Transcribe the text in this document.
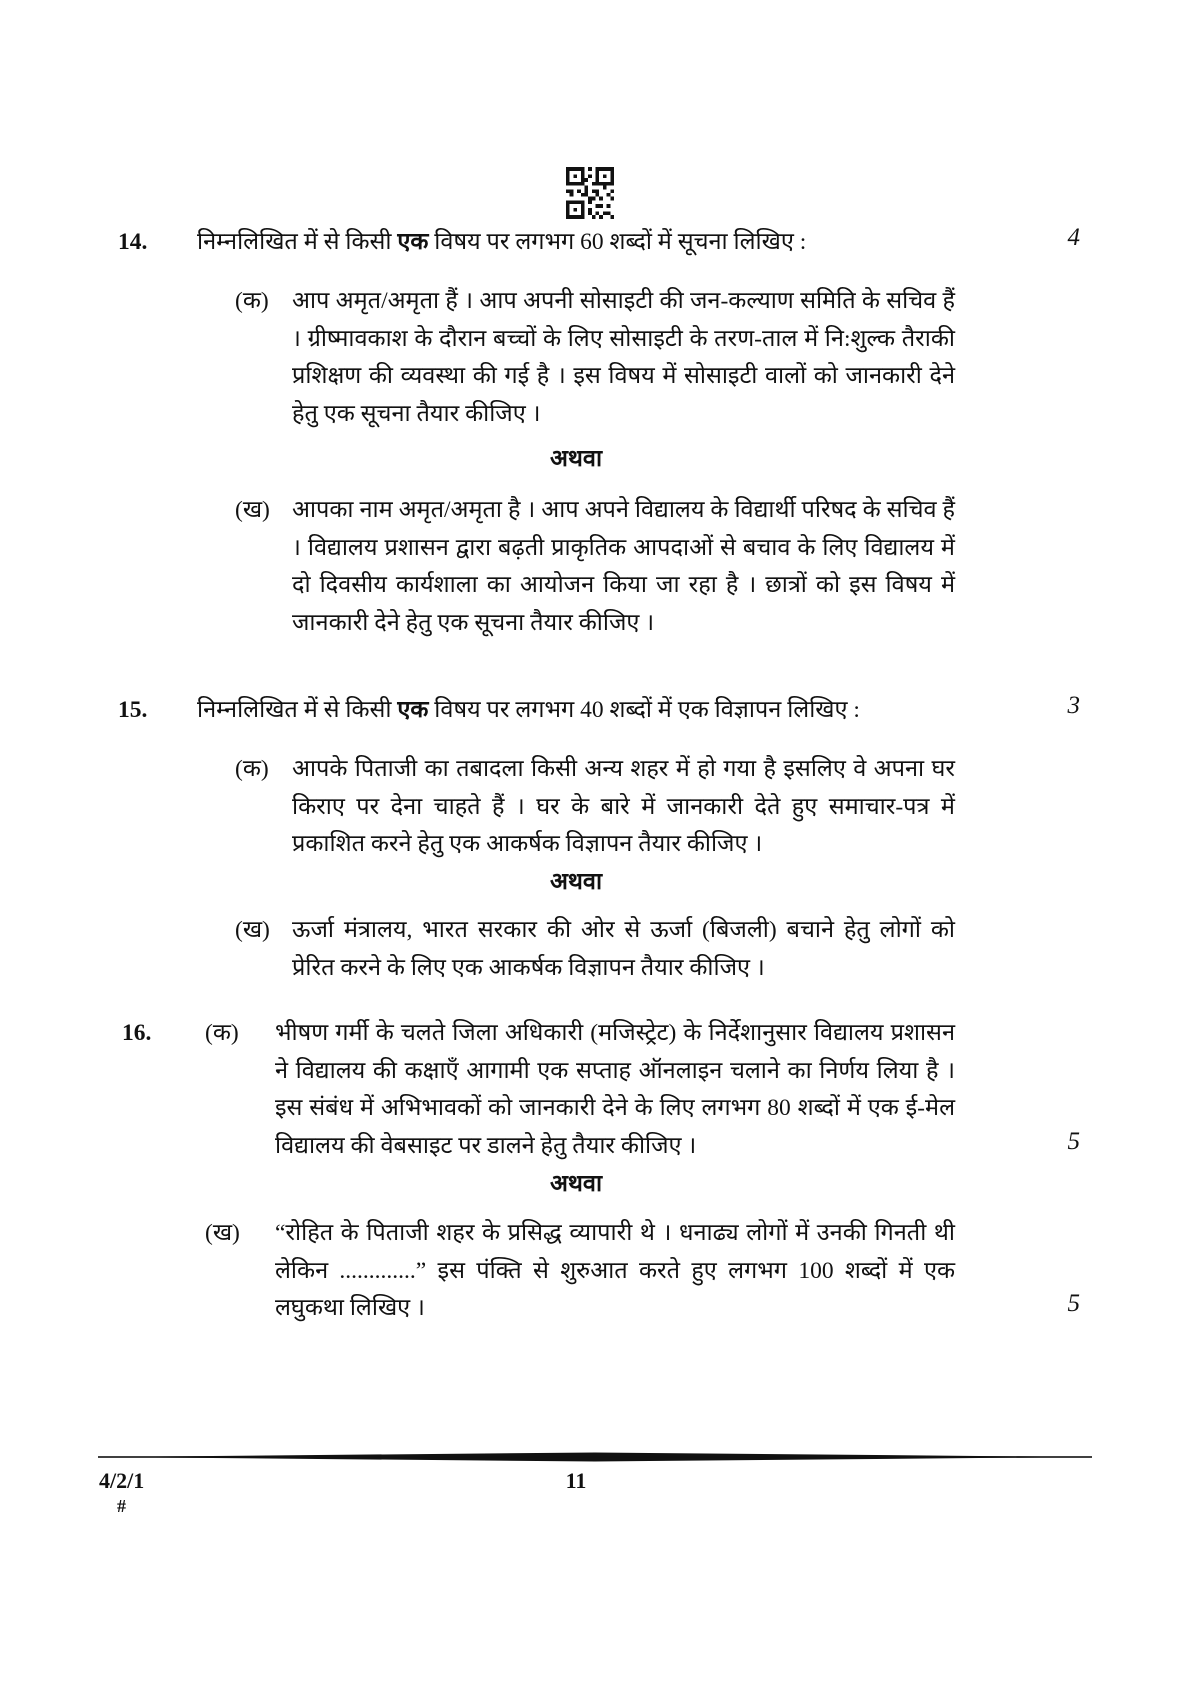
14. निम्नलिखित में से किसी एक विषय पर लगभग 60 शब्दों में सूचना लिखिए :	4
(क) आप अमृत/अमृता हैं । आप अपनी सोसाइटी की जन-कल्याण समिति के सचिव हैं । ग्रीष्मावकाश के दौरान बच्चों के लिए सोसाइटी के तरण-ताल में नि:शुल्क तैराकी प्रशिक्षण की व्यवस्था की गई है । इस विषय में सोसाइटी वालों को जानकारी देने हेतु एक सूचना तैयार कीजिए ।
अथवा
(ख) आपका नाम अमृत/अमृता है । आप अपने विद्यालय के विद्यार्थी परिषद के सचिव हैं । विद्यालय प्रशासन द्वारा बढ़ती प्राकृतिक आपदाओं से बचाव के लिए विद्यालय में दो दिवसीय कार्यशाला का आयोजन किया जा रहा है । छात्रों को इस विषय में जानकारी देने हेतु एक सूचना तैयार कीजिए ।
15. निम्नलिखित में से किसी एक विषय पर लगभग 40 शब्दों में एक विज्ञापन लिखिए :	3
(क) आपके पिताजी का तबादला किसी अन्य शहर में हो गया है इसलिए वे अपना घर किराए पर देना चाहते हैं । घर के बारे में जानकारी देते हुए समाचार-पत्र में प्रकाशित करने हेतु एक आकर्षक विज्ञापन तैयार कीजिए ।
अथवा
(ख) ऊर्जा मंत्रालय, भारत सरकार की ओर से ऊर्जा (बिजली) बचाने हेतु लोगों को प्रेरित करने के लिए एक आकर्षक विज्ञापन तैयार कीजिए ।
16. (क) भीषण गर्मी के चलते जिला अधिकारी (मजिस्ट्रेट) के निर्देशानुसार विद्यालय प्रशासन ने विद्यालय की कक्षाएँ आगामी एक सप्ताह ऑनलाइन चलाने का निर्णय लिया है । इस संबंध में अभिभावकों को जानकारी देने के लिए लगभग 80 शब्दों में एक ई-मेल विद्यालय की वेबसाइट पर डालने हेतु तैयार कीजिए ।	5
अथवा
(ख) “रोहित के पिताजी शहर के प्रसिद्ध व्यापारी थे । धनाढ्य लोगों में उनकी गिनती थी लेकिन .............” इस पंक्ति से शुरुआत करते हुए लगभग 100 शब्दों में एक लघुकथा लिखिए ।	5
4/2/1
#
11
